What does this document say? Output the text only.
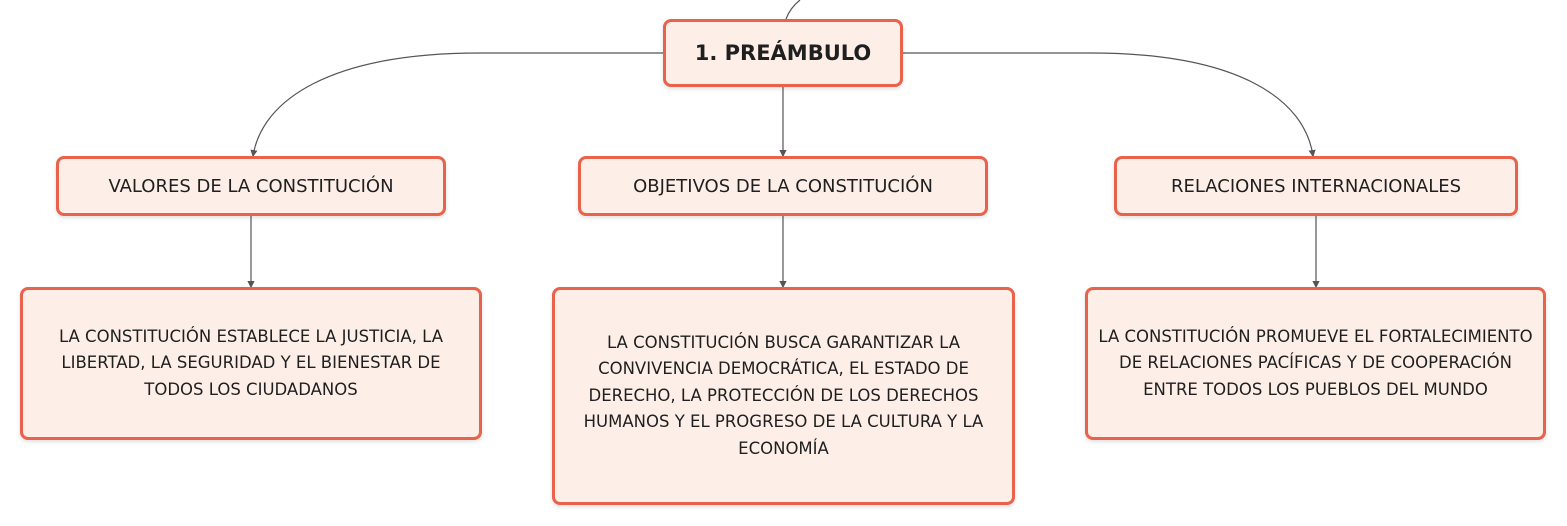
1. PREÁMBULO
VALORES DE LA CONSTITUCIÓN	OBJETIVOS DE LA CONSTITUCIÓN	RELACIONES INTERNACIONALES
LA CONSTITUCIÓN ESTABLECE LA JUSTICIA, LA LIBERTAD, LA SEGURIDAD Y EL BIENESTAR DE TODOS LOS CIUDADANOS
LA CONSTITUCIÓN BUSCA GARANTIZAR LA CONVIVENCIA DEMOCRÁTICA, EL ESTADO DE DERECHO, LA PROTECCIÓN DE LOS DERECHOS HUMANOS Y EL PROGRESO DE LA CULTURA Y LA ECONOMÍA
LA CONSTITUCIÓN PROMUEVE EL FORTALECIMIENTO DE RELACIONES PACÍFICAS Y DE COOPERACIÓN ENTRE TODOS LOS PUEBLOS DEL MUNDO
